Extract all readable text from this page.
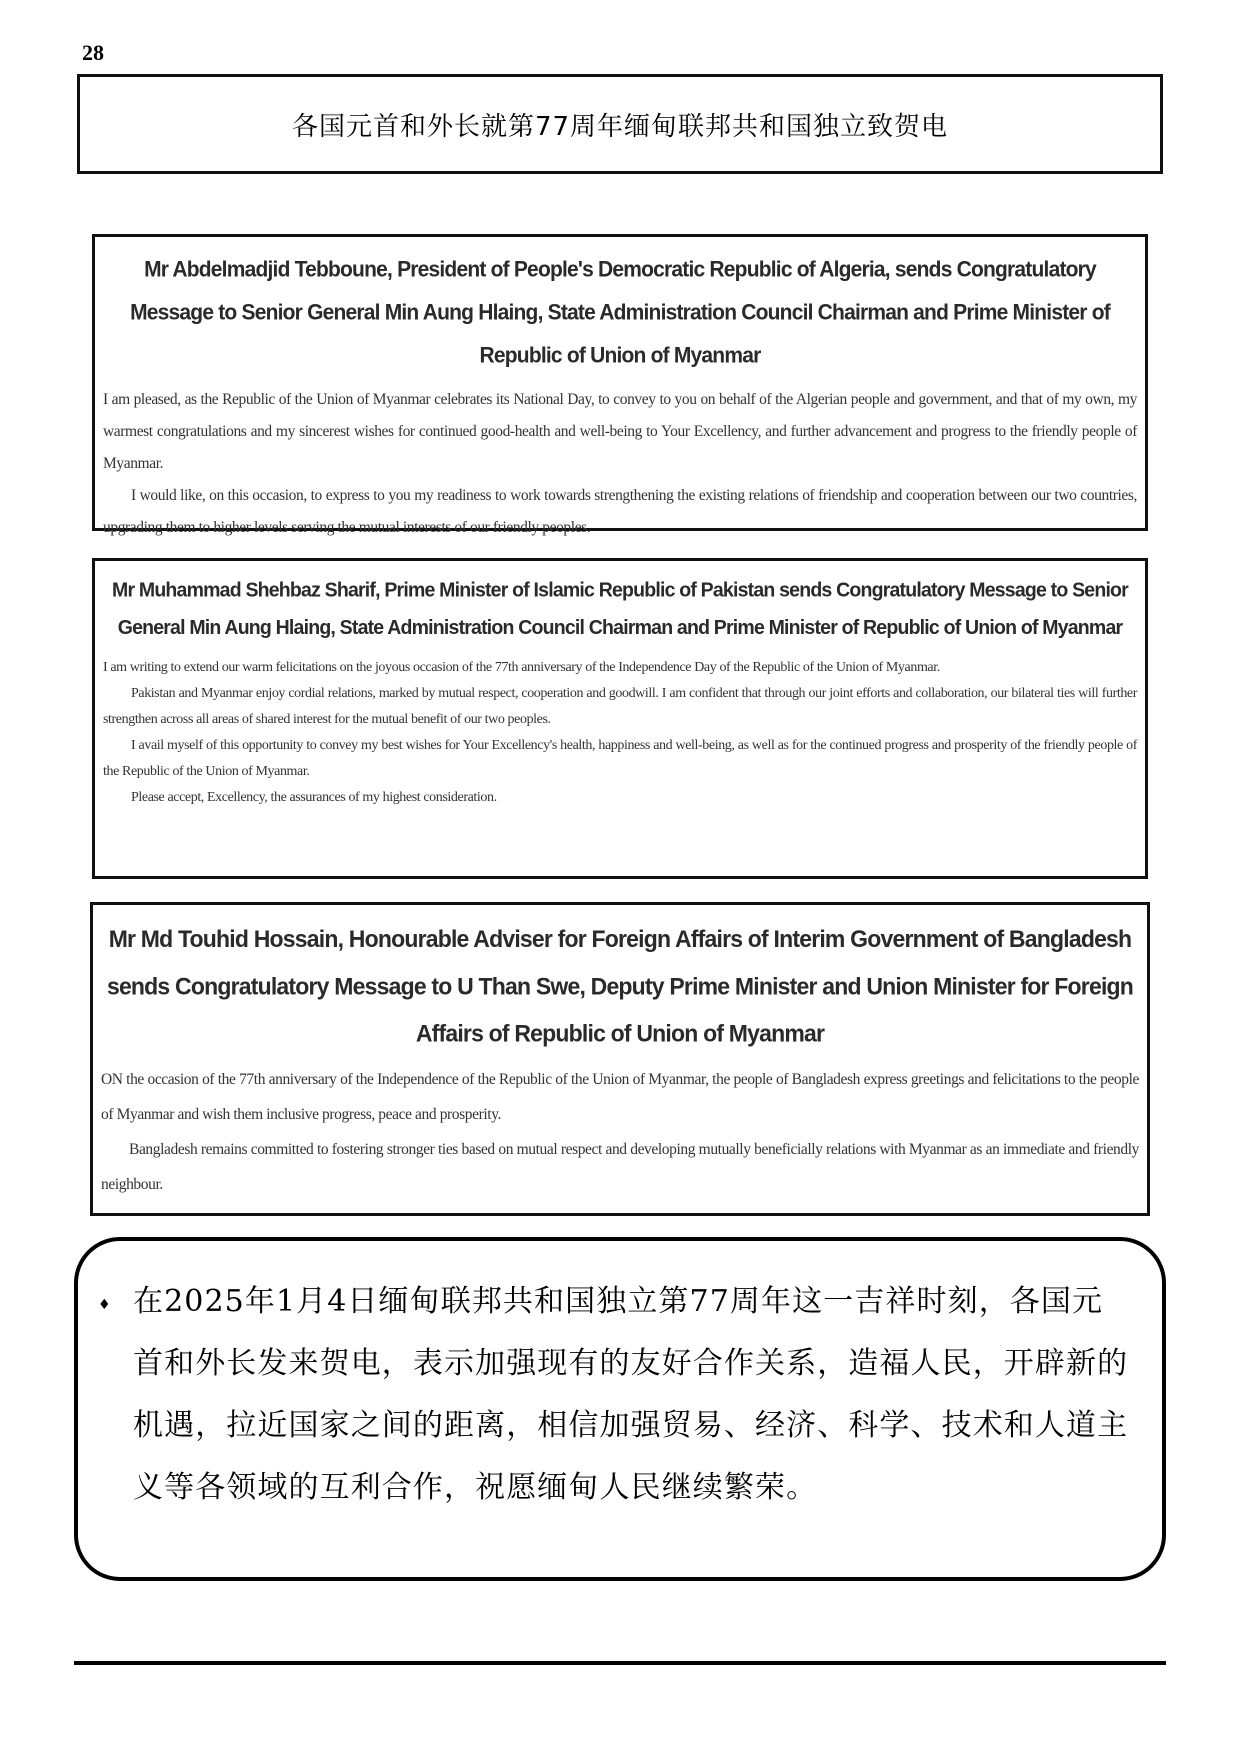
28
各国元首和外长就第77周年缅甸联邦共和国独立致贺电
Mr Abdelmadjid Tebboune, President of People's Democratic Republic of Algeria, sends Congratulatory Message to Senior General Min Aung Hlaing, State Administration Council Chairman and Prime Minister of Republic of Union of Myanmar

I am pleased, as the Republic of the Union of Myanmar celebrates its National Day, to convey to you on behalf of the Algerian people and government, and that of my own, my warmest congratulations and my sincerest wishes for continued good-health and well-being to Your Excellency, and further advancement and progress to the friendly people of Myanmar.

I would like, on this occasion, to express to you my readiness to work towards strengthening the existing relations of friendship and cooperation between our two countries, upgrading them to higher levels serving the mutual interests of our friendly peoples.

Mr Muhammad Shehbaz Sharif, Prime Minister of Islamic Republic of Pakistan sends Congratulatory Message to Senior General Min Aung Hlaing, State Administration Council Chairman and Prime Minister of Republic of Union of Myanmar

I am writing to extend our warm felicitations on the joyous occasion of the 77th anniversary of the Independence Day of the Republic of the Union of Myanmar.

Pakistan and Myanmar enjoy cordial relations, marked by mutual respect, cooperation and goodwill. I am confident that through our joint efforts and collaboration, our bilateral ties will further strengthen across all areas of shared interest for the mutual benefit of our two peoples.

I avail myself of this opportunity to convey my best wishes for Your Excellency's health, happiness and well-being, as well as for the continued progress and prosperity of the friendly people of the Republic of the Union of Myanmar.

Please accept, Excellency, the assurances of my highest consideration.

Mr Md Touhid Hossain, Honourable Adviser for Foreign Affairs of Interim Government of Bangladesh sends Congratulatory Message to U Than Swe, Deputy Prime Minister and Union Minister for Foreign Affairs of Republic of Union of Myanmar

ON the occasion of the 77th anniversary of the Independence of the Republic of the Union of Myanmar, the people of Bangladesh express greetings and felicitations to the people of Myanmar and wish them inclusive progress, peace and prosperity.

Bangladesh remains committed to fostering stronger ties based on mutual respect and developing mutually beneficially relations with Myanmar as an immediate and friendly neighbour.

♦ 在2025年1月4日缅甸联邦共和国独立第77周年这一吉祥时刻，各国元首和外长发来贺电，表示加强现有的友好合作关系，造福人民，开辟新的机遇，拉近国家之间的距离，相信加强贸易、经济、科学、技术和人道主义等各领域的互利合作，祝愿缅甸人民继续繁荣。
